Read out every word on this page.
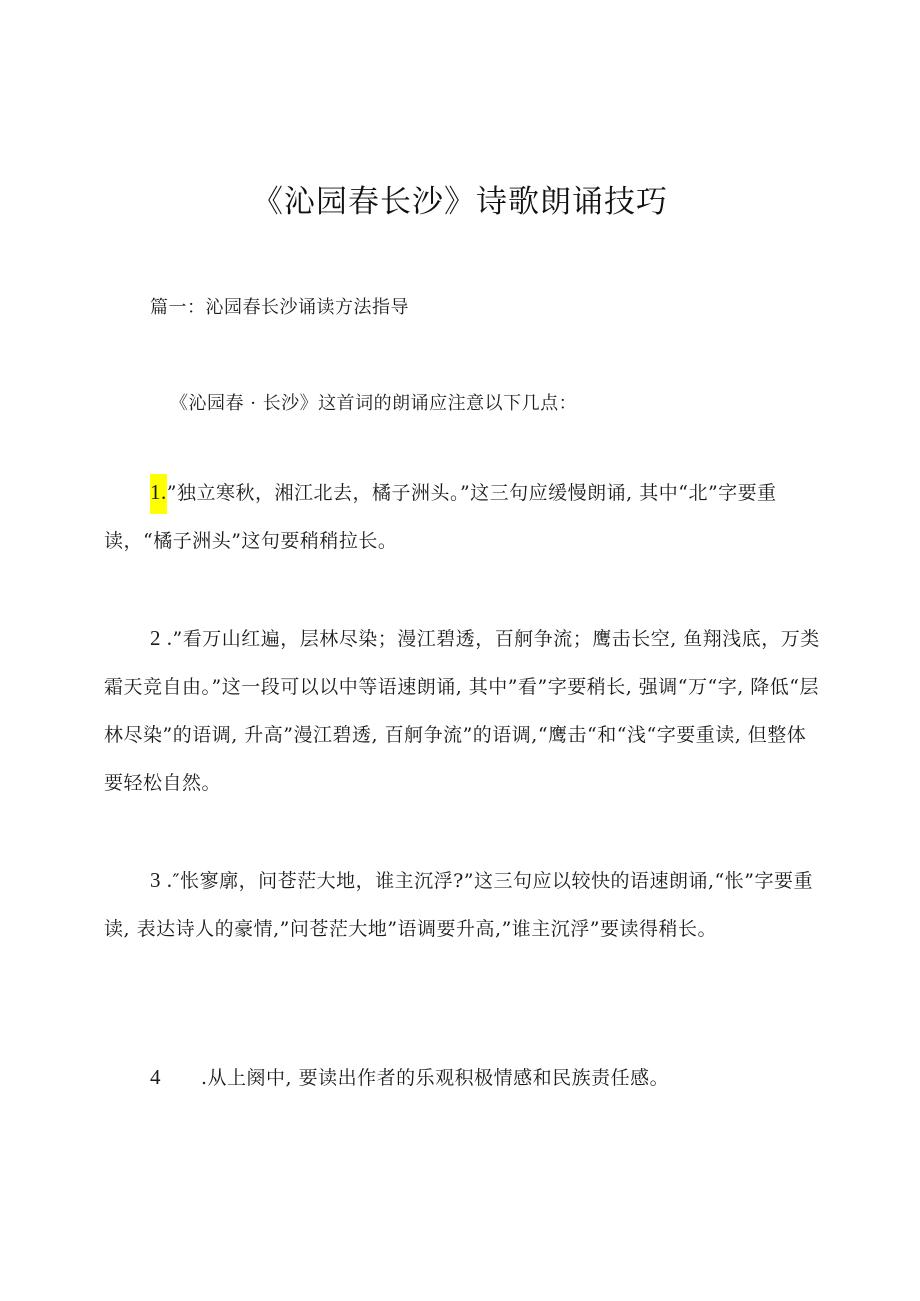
《沁园春长沙》诗歌朗诵技巧
篇一：沁园春长沙诵读方法指导
《沁园春 · 长沙》这首词的朗诵应注意以下几点：
1.”独立寒秋，湘江北去，橘子洲头。”这三句应缓慢朗诵, 其中“北”字要重读，“橘子洲头”这句要稍稍拉长。
2 .”看万山红遍，层林尽染；漫江碧透，百舸争流；鹰击长空, 鱼翔浅底，万类霜天竞自由。”这一段可以以中等语速朗诵, 其中”看”字要稍长, 强调“万“字, 降低“层林尽染”的语调, 升高”漫江碧透, 百舸争流”的语调,“鹰击“和“浅“字要重读, 但整体要轻松自然。
3 .″怅寥廓，问苍茫大地，谁主沉浮?”这三句应以较快的语速朗诵,“怅”字要重读, 表达诗人的豪情,”问苍茫大地”语调要升高,”谁主沉浮”要读得稍长。
4 .从上阕中, 要读出作者的乐观积极情感和民族责任感。
